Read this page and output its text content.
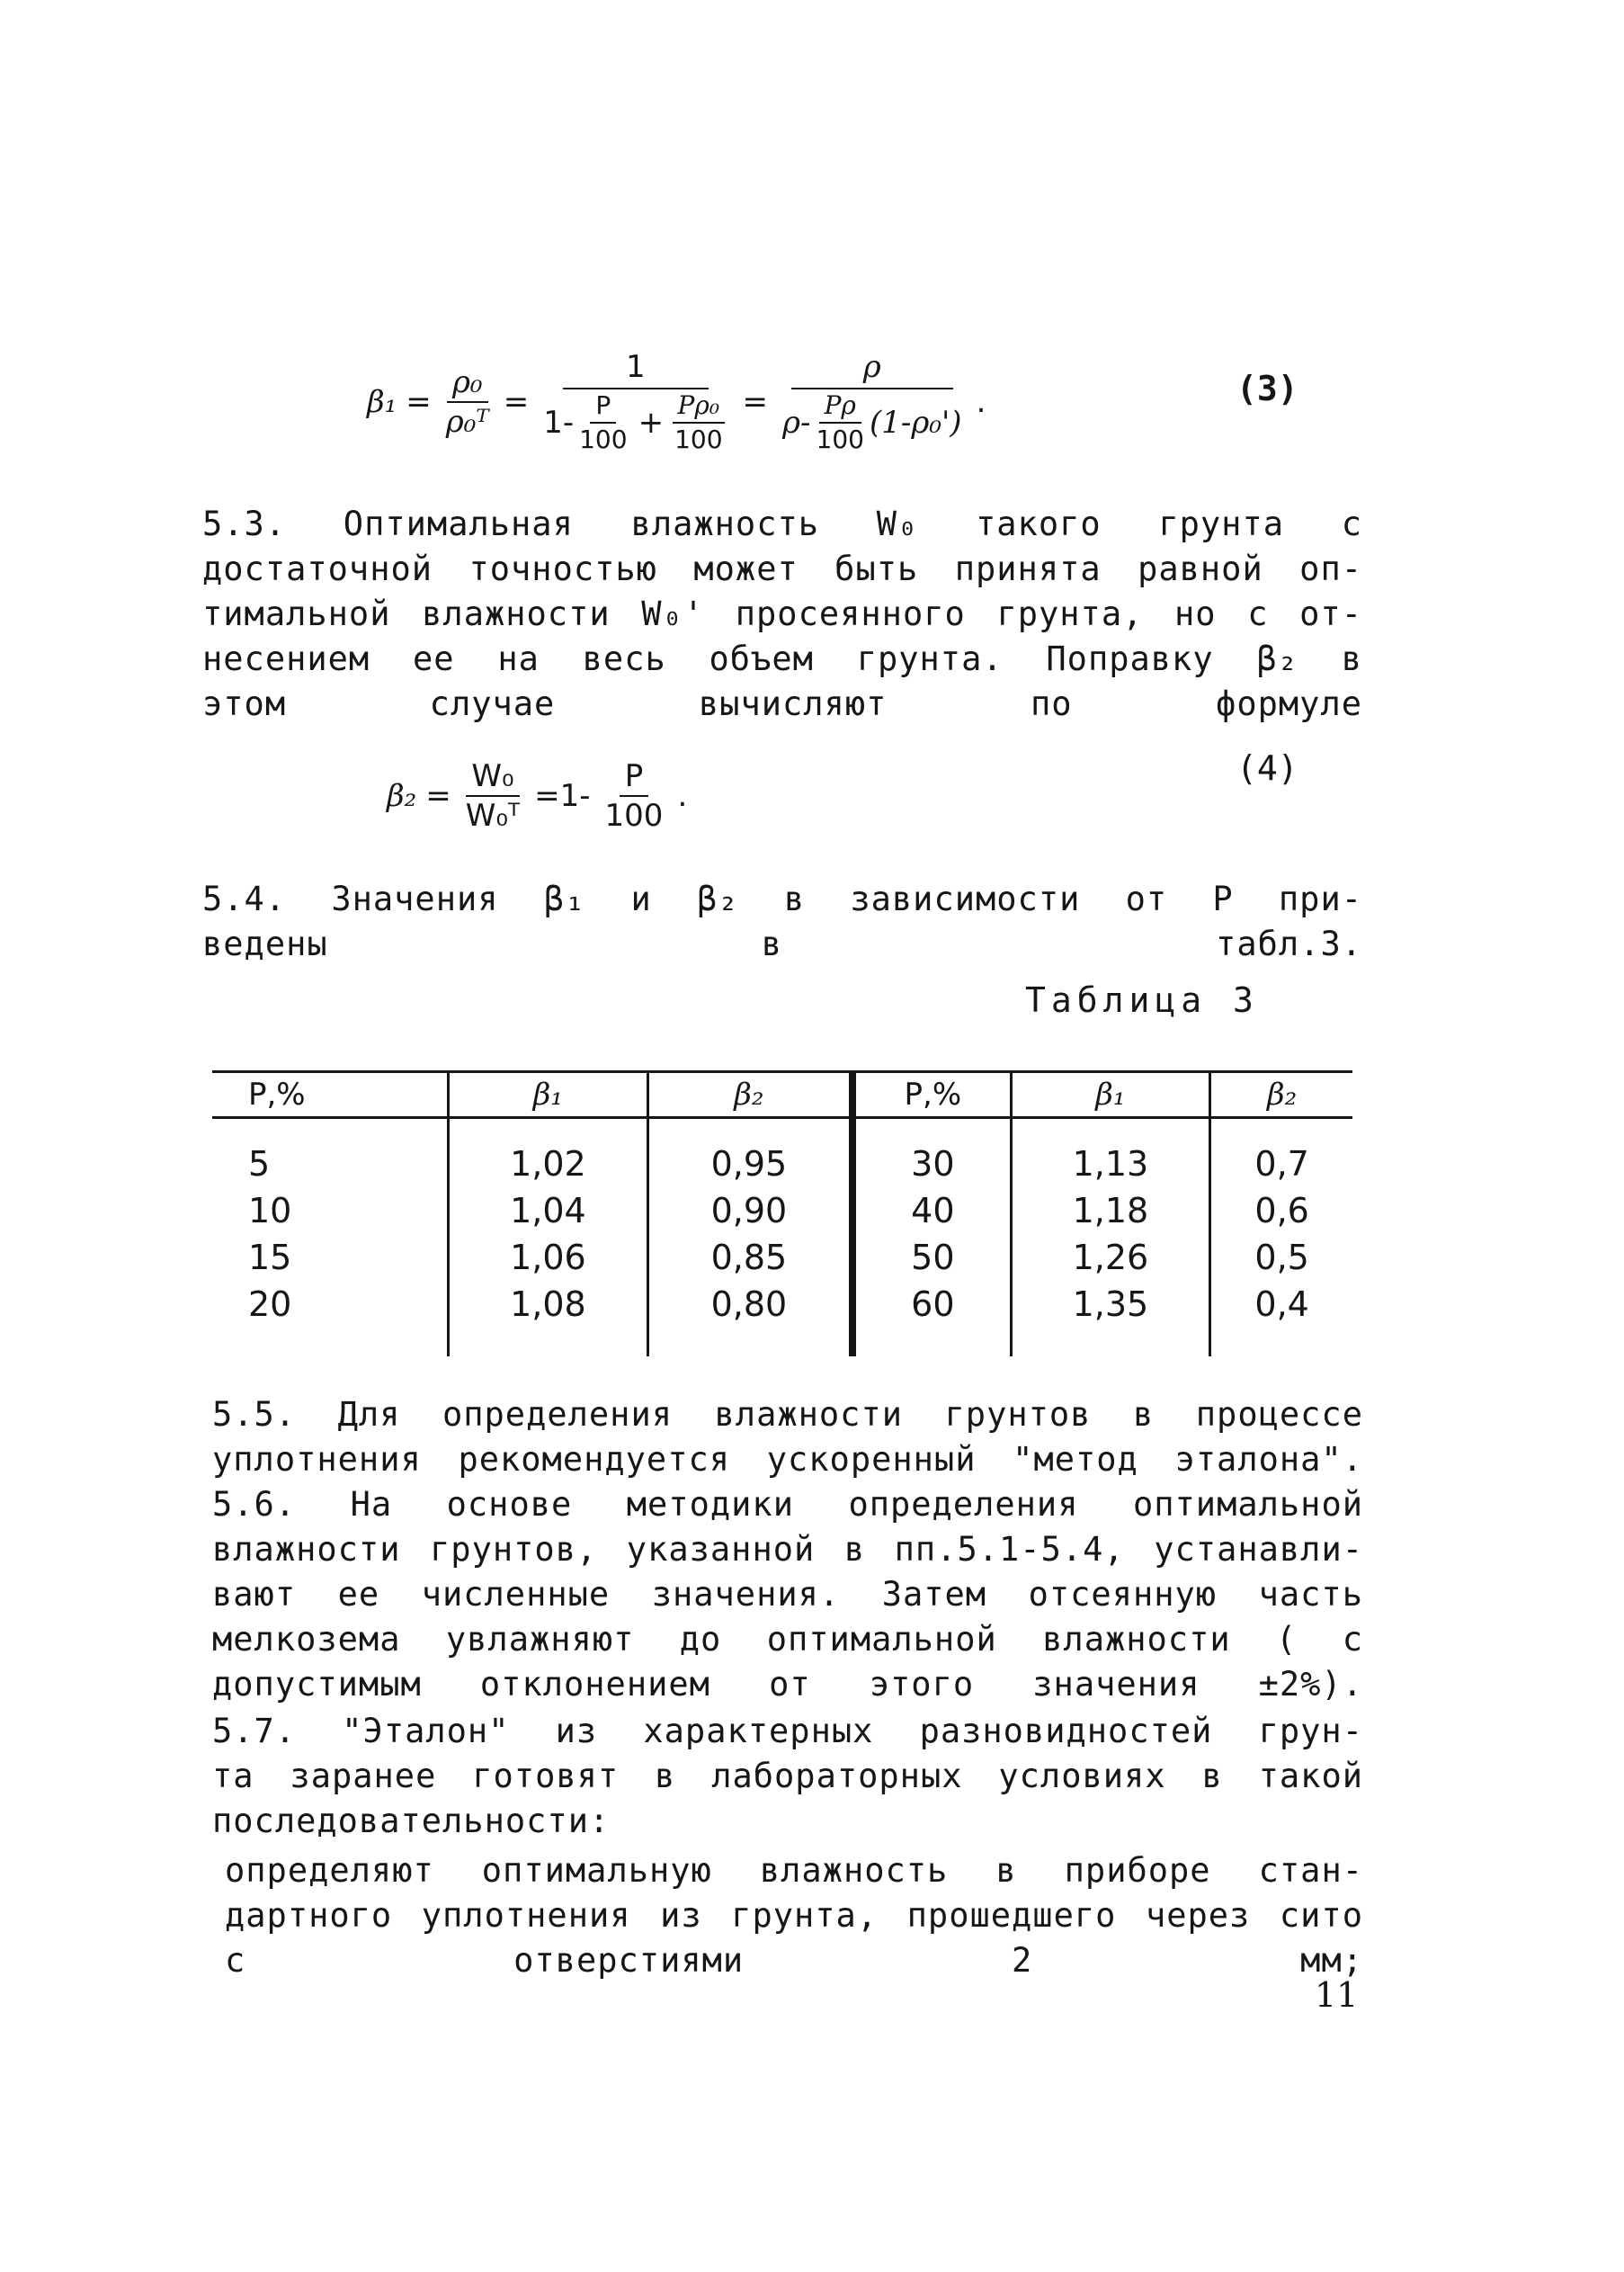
$\beta_1 = \frac{\text{ρ₀}}{\text{ρ₀ᵀ}}$ =
1
$1- \frac{P}{100} + \frac{\text{Pρ₀}}{100} = \frac{\rho}{\rho- \frac{P\rho}{100} (1-\rho_0')}$ .	(3)
5.3. Оптимальная влажность W₀ такого грунта с
достаточной точностью может быть принята равной оп-
тимальной влажности W₀' просеянного грунта, но с от-
несением ее на весь объем грунта. Поправку β₂ в
этом случае вычисляют по формуле
$\beta_2 = \frac{\text{W₀}}{\text{W₀ᵀ}} =1- \frac{P}{100}$ .
(4)
5.4. Значения β₁ и β₂ в зависимости от P при-
ведены в табл.3.
Таблица 3
P,%	β₁	β₂	P,%	β₁	β₂

5	1,02	0,95	30	1,13	0,7
10	1,04	0,90	40	1,18	0,6
15	1,06	0,85	50	1,26	0,5
20	1,08	0,80	60	1,35	0,4

5.5. Для определения влажности грунтов в процессе
уплотнения рекомендуется ускоренный "метод эталона".
5.6. На основе методики определения оптимальной
влажности грунтов, указанной в пп.5.1-5.4, устанавли-
вают ее численные значения. Затем отсеянную часть
мелкозема увлажняют до оптимальной влажности ( с
допустимым отклонением от этого значения ±2%).
5.7. "Эталон" из характерных разновидностей грун-
та заранее готовят в лабораторных условиях в такой
последовательности:
определяют оптимальную влажность в приборе стан-
дартного уплотнения из грунта, прошедшего через сито
с отверстиями 2 мм;
11
